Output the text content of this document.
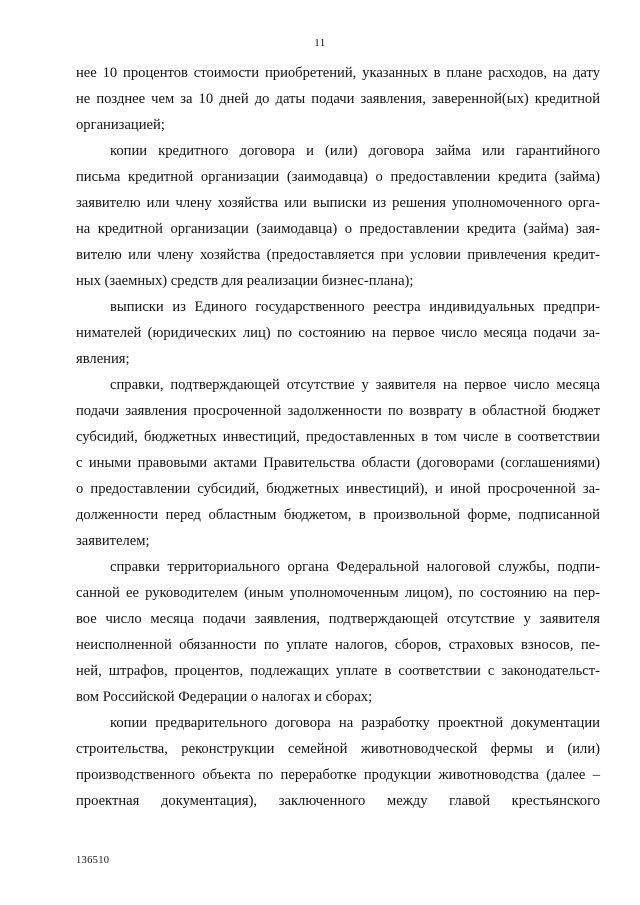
11
нее 10 процентов стоимости приобретений, указанных в плане расходов, на дату
не позднее чем за 10 дней до даты подачи заявления, заверенной(ых) кредитной
организацией;
копии кредитного договора и (или) договора займа или гарантийного
письма кредитной организации (заимодавца) о предоставлении кредита (займа)
заявителю или члену хозяйства или выписки из решения уполномоченного орга-
на кредитной организации (заимодавца) о предоставлении кредита (займа) зая-
вителю или члену хозяйства (предоставляется при условии привлечения кредит-
ных (заемных) средств для реализации бизнес-плана);
выписки из Единого государственного реестра индивидуальных предпри-
нимателей (юридических лиц) по состоянию на первое число месяца подачи за-
явления;
справки, подтверждающей отсутствие у заявителя на первое число месяца
подачи заявления просроченной задолженности по возврату в областной бюджет
субсидий, бюджетных инвестиций, предоставленных в том числе в соответствии
с иными правовыми актами Правительства области (договорами (соглашениями)
о предоставлении субсидий, бюджетных инвестиций), и иной просроченной за-
долженности перед областным бюджетом, в произвольной форме, подписанной
заявителем;
справки территориального органа Федеральной налоговой службы, подпи-
санной ее руководителем (иным уполномоченным лицом), по состоянию на пер-
вое число месяца подачи заявления, подтверждающей отсутствие у заявителя
неисполненной обязанности по уплате налогов, сборов, страховых взносов, пе-
ней, штрафов, процентов, подлежащих уплате в соответствии с законодательст-
вом Российской Федерации о налогах и сборах;
копии предварительного договора на разработку проектной документации
строительства, реконструкции семейной животноводческой фермы и (или)
производственного объекта по переработке продукции животноводства (далее –
проектная документация), заключенного между главой крестьянского
136510
